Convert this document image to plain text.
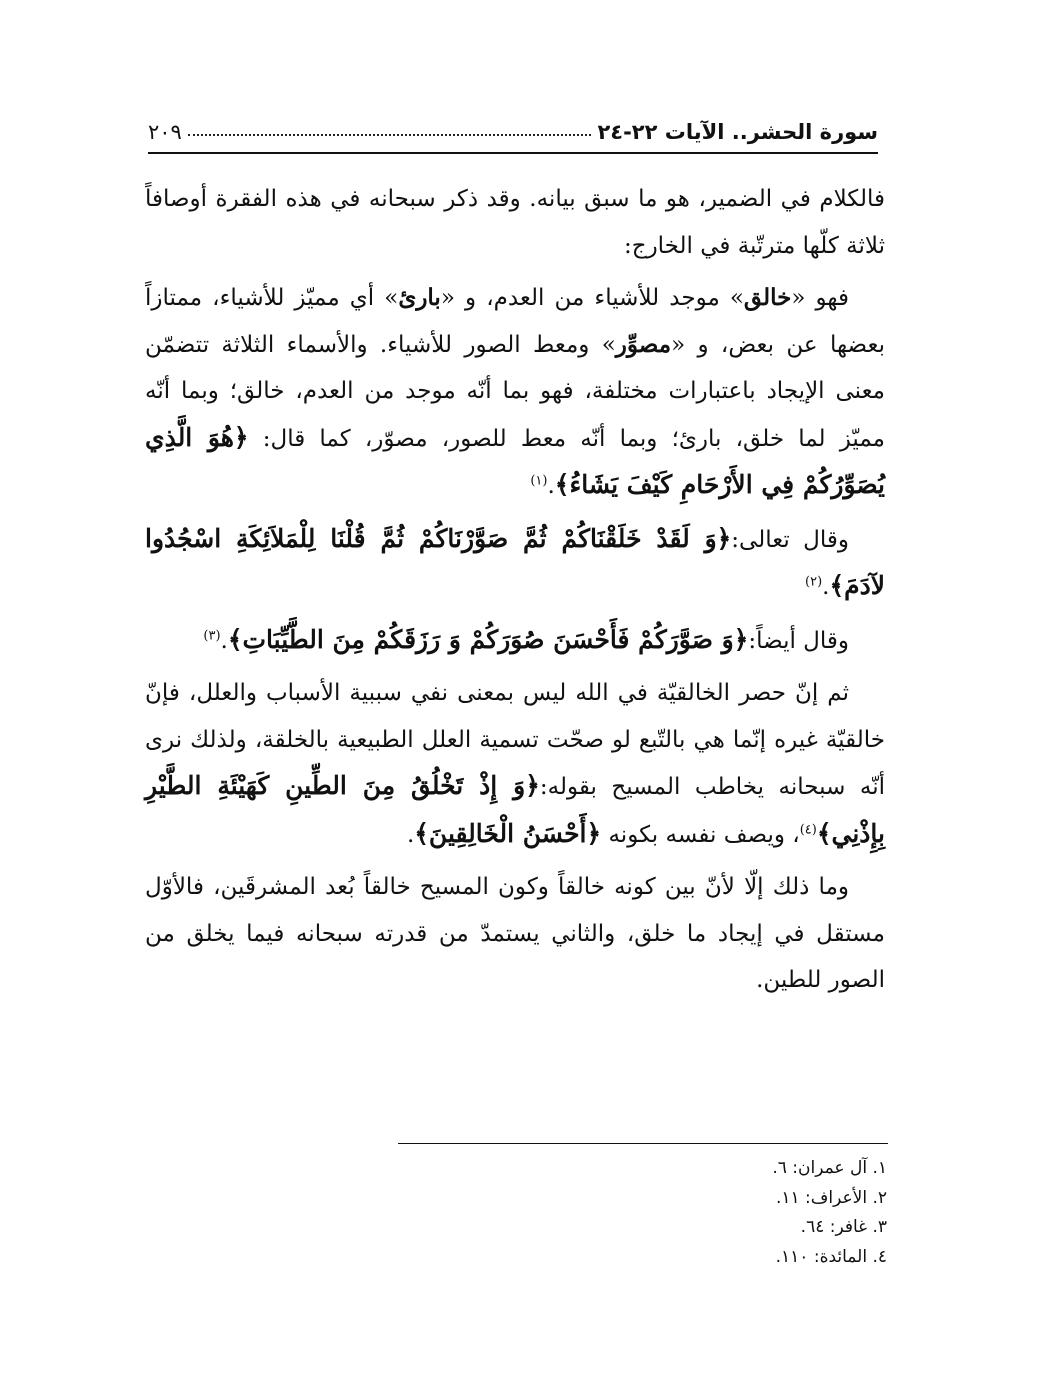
سورة الحشر.. الآيات ٢٢-٢٤
٢٠٩

فالكلام في الضمير، هو ما سبق بيانه. وقد ذكر سبحانه في هذه الفقرة أوصافاً ثلاثة كلّها مترتّبة في الخارج:

فهو «خالق» موجد للأشياء من العدم، و «بارئ» أي مميّز للأشياء، ممتازاً بعضها عن بعض، و «مصوِّر» ومعط الصور للأشياء. والأسماء الثلاثة تتضمّن معنى الإيجاد باعتبارات مختلفة، فهو بما أنّه موجد من العدم، خالق؛ وبما أنّه مميّز لما خلق، بارئ؛ وبما أنّه معط للصور، مصوّر، كما قال: ﴿هُوَ الَّذِي يُصَوِّرُكُمْ فِي الأَرْحَامِ كَيْفَ يَشَاءُ﴾.$^{(١)}$

وقال تعالى:﴿وَ لَقَدْ خَلَقْنَاكُمْ ثُمَّ صَوَّرْنَاكُمْ ثُمَّ قُلْنَا لِلْمَلاَئِكَةِ اسْجُدُوا لآدَمَ﴾.$^{(٢)}$

وقال أيضاً:﴿وَ صَوَّرَكُمْ فَأَحْسَنَ صُوَرَكُمْ وَ رَزَقَكُمْ مِنَ الطَّيِّبَاتِ﴾.$^{(٣)}$

ثم إنّ حصر الخالقيّة في الله ليس بمعنى نفي سببية الأسباب والعلل، فإنّ خالقيّة غيره إنّما هي بالتّبع لو صحّت تسمية العلل الطبيعية بالخلقة، ولذلك نرى أنّه سبحانه يخاطب المسيح بقوله:﴿وَ إِذْ تَخْلُقُ مِنَ الطِّينِ كَهَيْئَةِ الطَّيْرِ بِإِذْنِي﴾$^{(٤)}$، ويصف نفسه بكونه ﴿أَحْسَنُ الْخَالِقِينَ﴾.

وما ذلك إلّا لأنّ بين كونه خالقاً وكون المسيح خالقاً بُعد المشرقَين، فالأوّل مستقل في إيجاد ما خلق، والثاني يستمدّ من قدرته سبحانه فيما يخلق من الصور للطين.

١. آل عمران: ٦.
٢. الأعراف: ١١.
٣. غافر: ٦٤.
٤. المائدة: ١١٠.
